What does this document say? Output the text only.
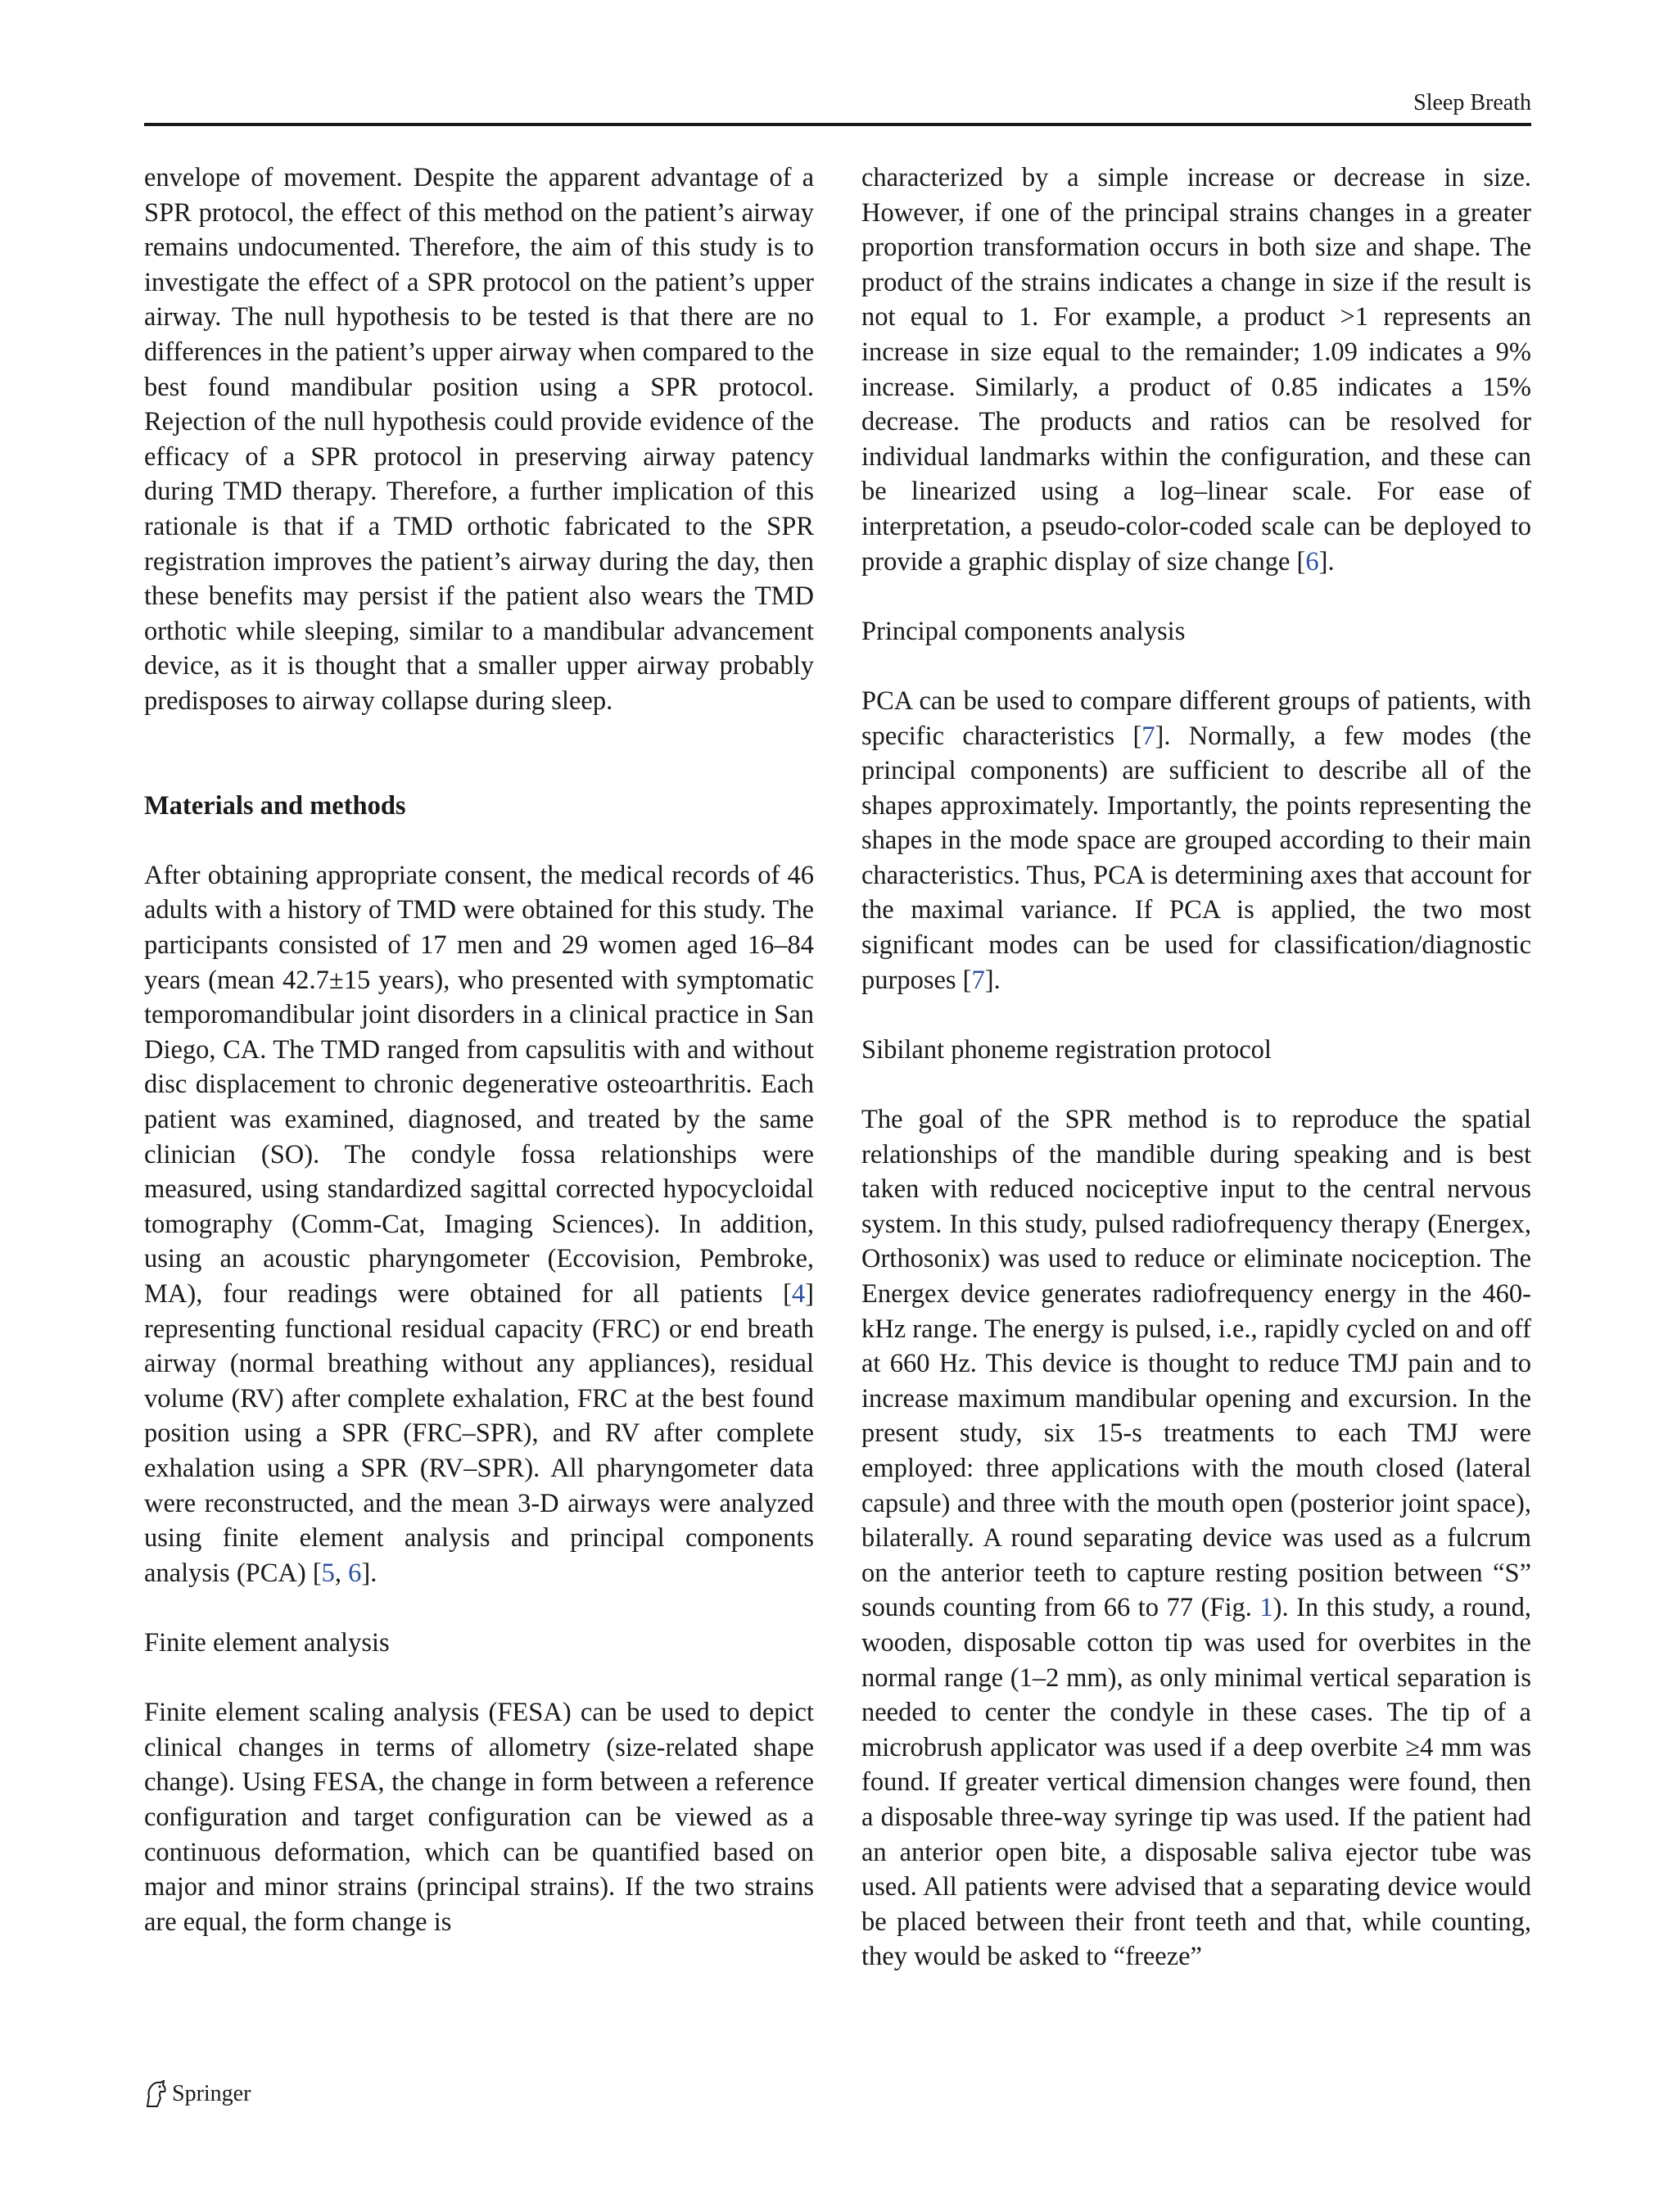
Sleep Breath

envelope of movement. Despite the apparent advantage of a SPR protocol, the effect of this method on the patient’s airway remains undocumented. Therefore, the aim of this study is to investigate the effect of a SPR protocol on the patient’s upper airway. The null hypothesis to be tested is that there are no differences in the patient’s upper airway when compared to the best found mandibular position using a SPR protocol. Rejection of the null hypothesis could provide evidence of the efficacy of a SPR protocol in preserving airway patency during TMD therapy. Therefore, a further implication of this rationale is that if a TMD orthotic fabricated to the SPR registration improves the patient’s airway during the day, then these benefits may persist if the patient also wears the TMD orthotic while sleeping, similar to a mandibular advancement device, as it is thought that a smaller upper airway probably predisposes to airway collapse during sleep.

Materials and methods

After obtaining appropriate consent, the medical records of 46 adults with a history of TMD were obtained for this study. The participants consisted of 17 men and 29 women aged 16–84 years (mean 42.7±15 years), who presented with symptomatic temporomandibular joint disorders in a clinical practice in San Diego, CA. The TMD ranged from capsulitis with and without disc displacement to chronic degenerative osteoarthritis. Each patient was examined, diagnosed, and treated by the same clinician (SO). The condyle fossa relationships were measured, using standardized sagittal corrected hypocycloidal tomography (Comm-Cat, Imaging Sciences). In addition, using an acoustic pharyngometer (Eccovision, Pembroke, MA), four readings were obtained for all patients [4] representing functional residual capacity (FRC) or end breath airway (normal breathing without any appliances), residual volume (RV) after complete exhalation, FRC at the best found position using a SPR (FRC–SPR), and RV after complete exhalation using a SPR (RV–SPR). All pharyngometer data were reconstructed, and the mean 3-D airways were analyzed using finite element analysis and principal components analysis (PCA) [5, 6].

Finite element analysis

Finite element scaling analysis (FESA) can be used to depict clinical changes in terms of allometry (size-related shape change). Using FESA, the change in form between a reference configuration and target configuration can be viewed as a continuous deformation, which can be quantified based on major and minor strains (principal strains). If the two strains are equal, the form change is

characterized by a simple increase or decrease in size. However, if one of the principal strains changes in a greater proportion transformation occurs in both size and shape. The product of the strains indicates a change in size if the result is not equal to 1. For example, a product >1 represents an increase in size equal to the remainder; 1.09 indicates a 9% increase. Similarly, a product of 0.85 indicates a 15% decrease. The products and ratios can be resolved for individual landmarks within the configuration, and these can be linearized using a log–linear scale. For ease of interpretation, a pseudo-color-coded scale can be deployed to provide a graphic display of size change [6].

Principal components analysis

PCA can be used to compare different groups of patients, with specific characteristics [7]. Normally, a few modes (the principal components) are sufficient to describe all of the shapes approximately. Importantly, the points representing the shapes in the mode space are grouped according to their main characteristics. Thus, PCA is determining axes that account for the maximal variance. If PCA is applied, the two most significant modes can be used for classification/diagnostic purposes [7].

Sibilant phoneme registration protocol

The goal of the SPR method is to reproduce the spatial relationships of the mandible during speaking and is best taken with reduced nociceptive input to the central nervous system. In this study, pulsed radiofrequency therapy (Energex, Orthosonix) was used to reduce or eliminate nociception. The Energex device generates radiofrequency energy in the 460-kHz range. The energy is pulsed, i.e., rapidly cycled on and off at 660 Hz. This device is thought to reduce TMJ pain and to increase maximum mandibular opening and excursion. In the present study, six 15-s treatments to each TMJ were employed: three applications with the mouth closed (lateral capsule) and three with the mouth open (posterior joint space), bilaterally. A round separating device was used as a fulcrum on the anterior teeth to capture resting position between “S” sounds counting from 66 to 77 (Fig. 1). In this study, a round, wooden, disposable cotton tip was used for overbites in the normal range (1–2 mm), as only minimal vertical separation is needed to center the condyle in these cases. The tip of a microbrush applicator was used if a deep overbite ≥4 mm was found. If greater vertical dimension changes were found, then a disposable three-way syringe tip was used. If the patient had an anterior open bite, a disposable saliva ejector tube was used. All patients were advised that a separating device would be placed between their front teeth and that, while counting, they would be asked to “freeze”

Springer
